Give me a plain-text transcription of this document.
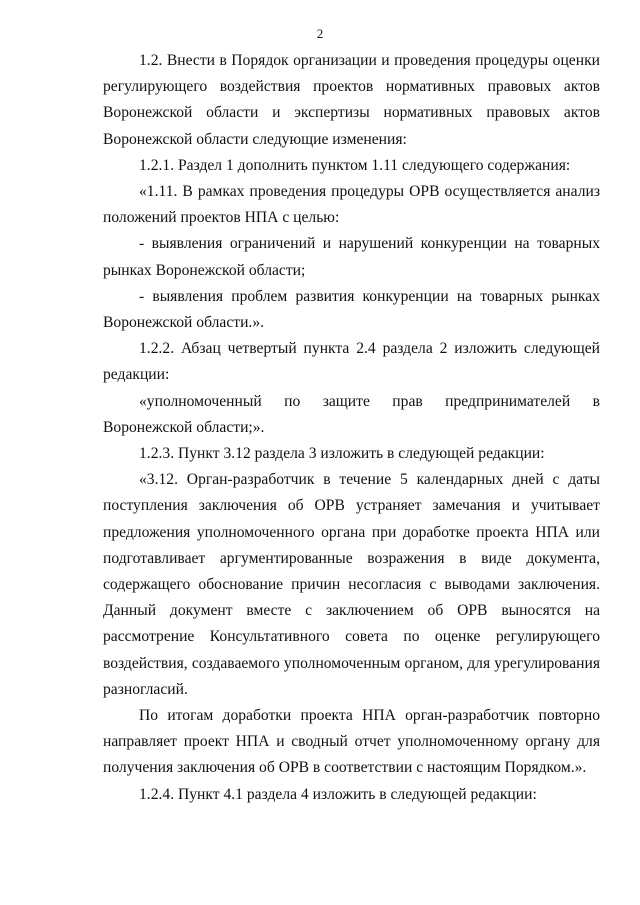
2

1.2. Внести в Порядок организации и проведения процедуры оценки регулирующего воздействия проектов нормативных правовых актов Воронежской области и экспертизы нормативных правовых актов Воронежской области следующие изменения:

1.2.1. Раздел 1 дополнить пунктом 1.11 следующего содержания:

«1.11. В рамках проведения процедуры ОРВ осуществляется анализ положений проектов НПА с целью:

- выявления ограничений и нарушений конкуренции на товарных рынках Воронежской области;

- выявления проблем развития конкуренции на товарных рынках Воронежской области.».

1.2.2. Абзац четвертый пункта 2.4 раздела 2 изложить следующей редакции:

«уполномоченный по защите прав предпринимателей в Воронежской области;».

1.2.3. Пункт 3.12 раздела 3 изложить в следующей редакции:

«3.12. Орган-разработчик в течение 5 календарных дней с даты поступления заключения об ОРВ устраняет замечания и учитывает предложения уполномоченного органа при доработке проекта НПА или подготавливает аргументированные возражения в виде документа, содержащего обоснование причин несогласия с выводами заключения. Данный документ вместе с заключением об ОРВ выносятся на рассмотрение Консультативного совета по оценке регулирующего воздействия, создаваемого уполномоченным органом, для урегулирования разногласий.

По итогам доработки проекта НПА орган-разработчик повторно направляет проект НПА и сводный отчет уполномоченному органу для получения заключения об ОРВ в соответствии с настоящим Порядком.».

1.2.4. Пункт 4.1 раздела 4 изложить в следующей редакции:
